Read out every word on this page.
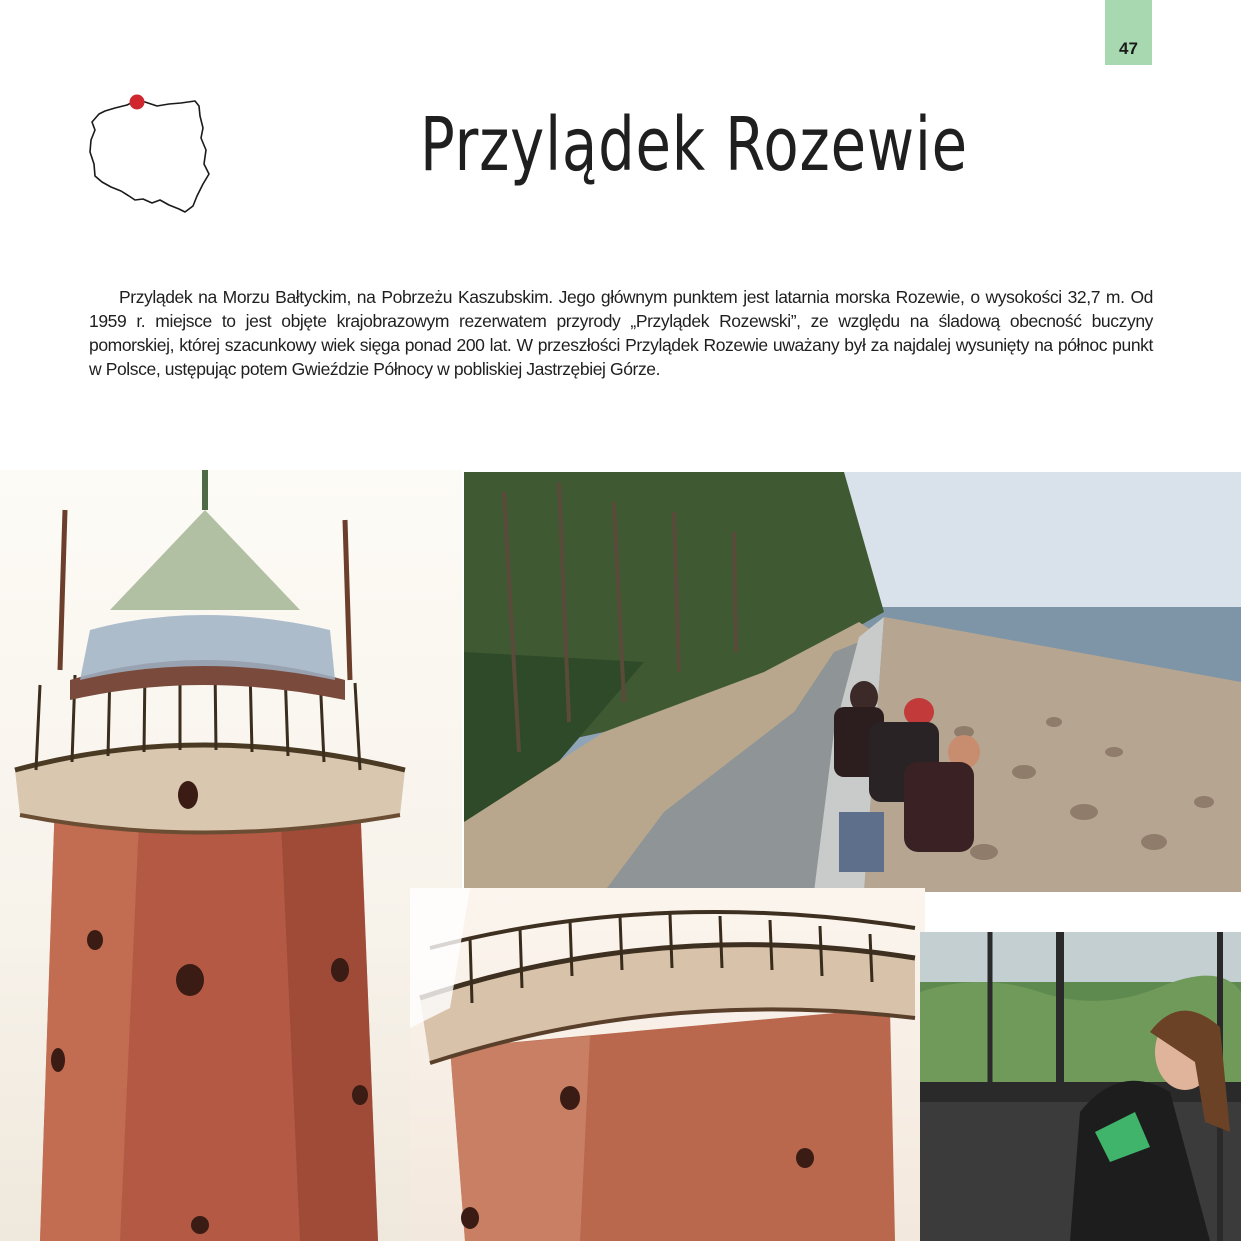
47
Przylądek Rozewie

Przylądek na Morzu Bałtyckim, na Pobrzeżu Kaszubskim. Jego głównym punktem jest latarnia morska Rozewie, o wysokości 32,7 m. Od 1959 r. miejsce to jest objęte krajobrazowym rezerwatem przyrody „Przylądek Rozewski”, ze względu na śladową obecność buczyny pomorskiej, której szacunkowy wiek sięga ponad 200 lat. W przeszłości Przylądek Rozewie uważany był za najdalej wysunięty na północ punkt w Polsce, ustępując potem Gwieździe Północy w pobliskiej Jastrzębiej Górze.
